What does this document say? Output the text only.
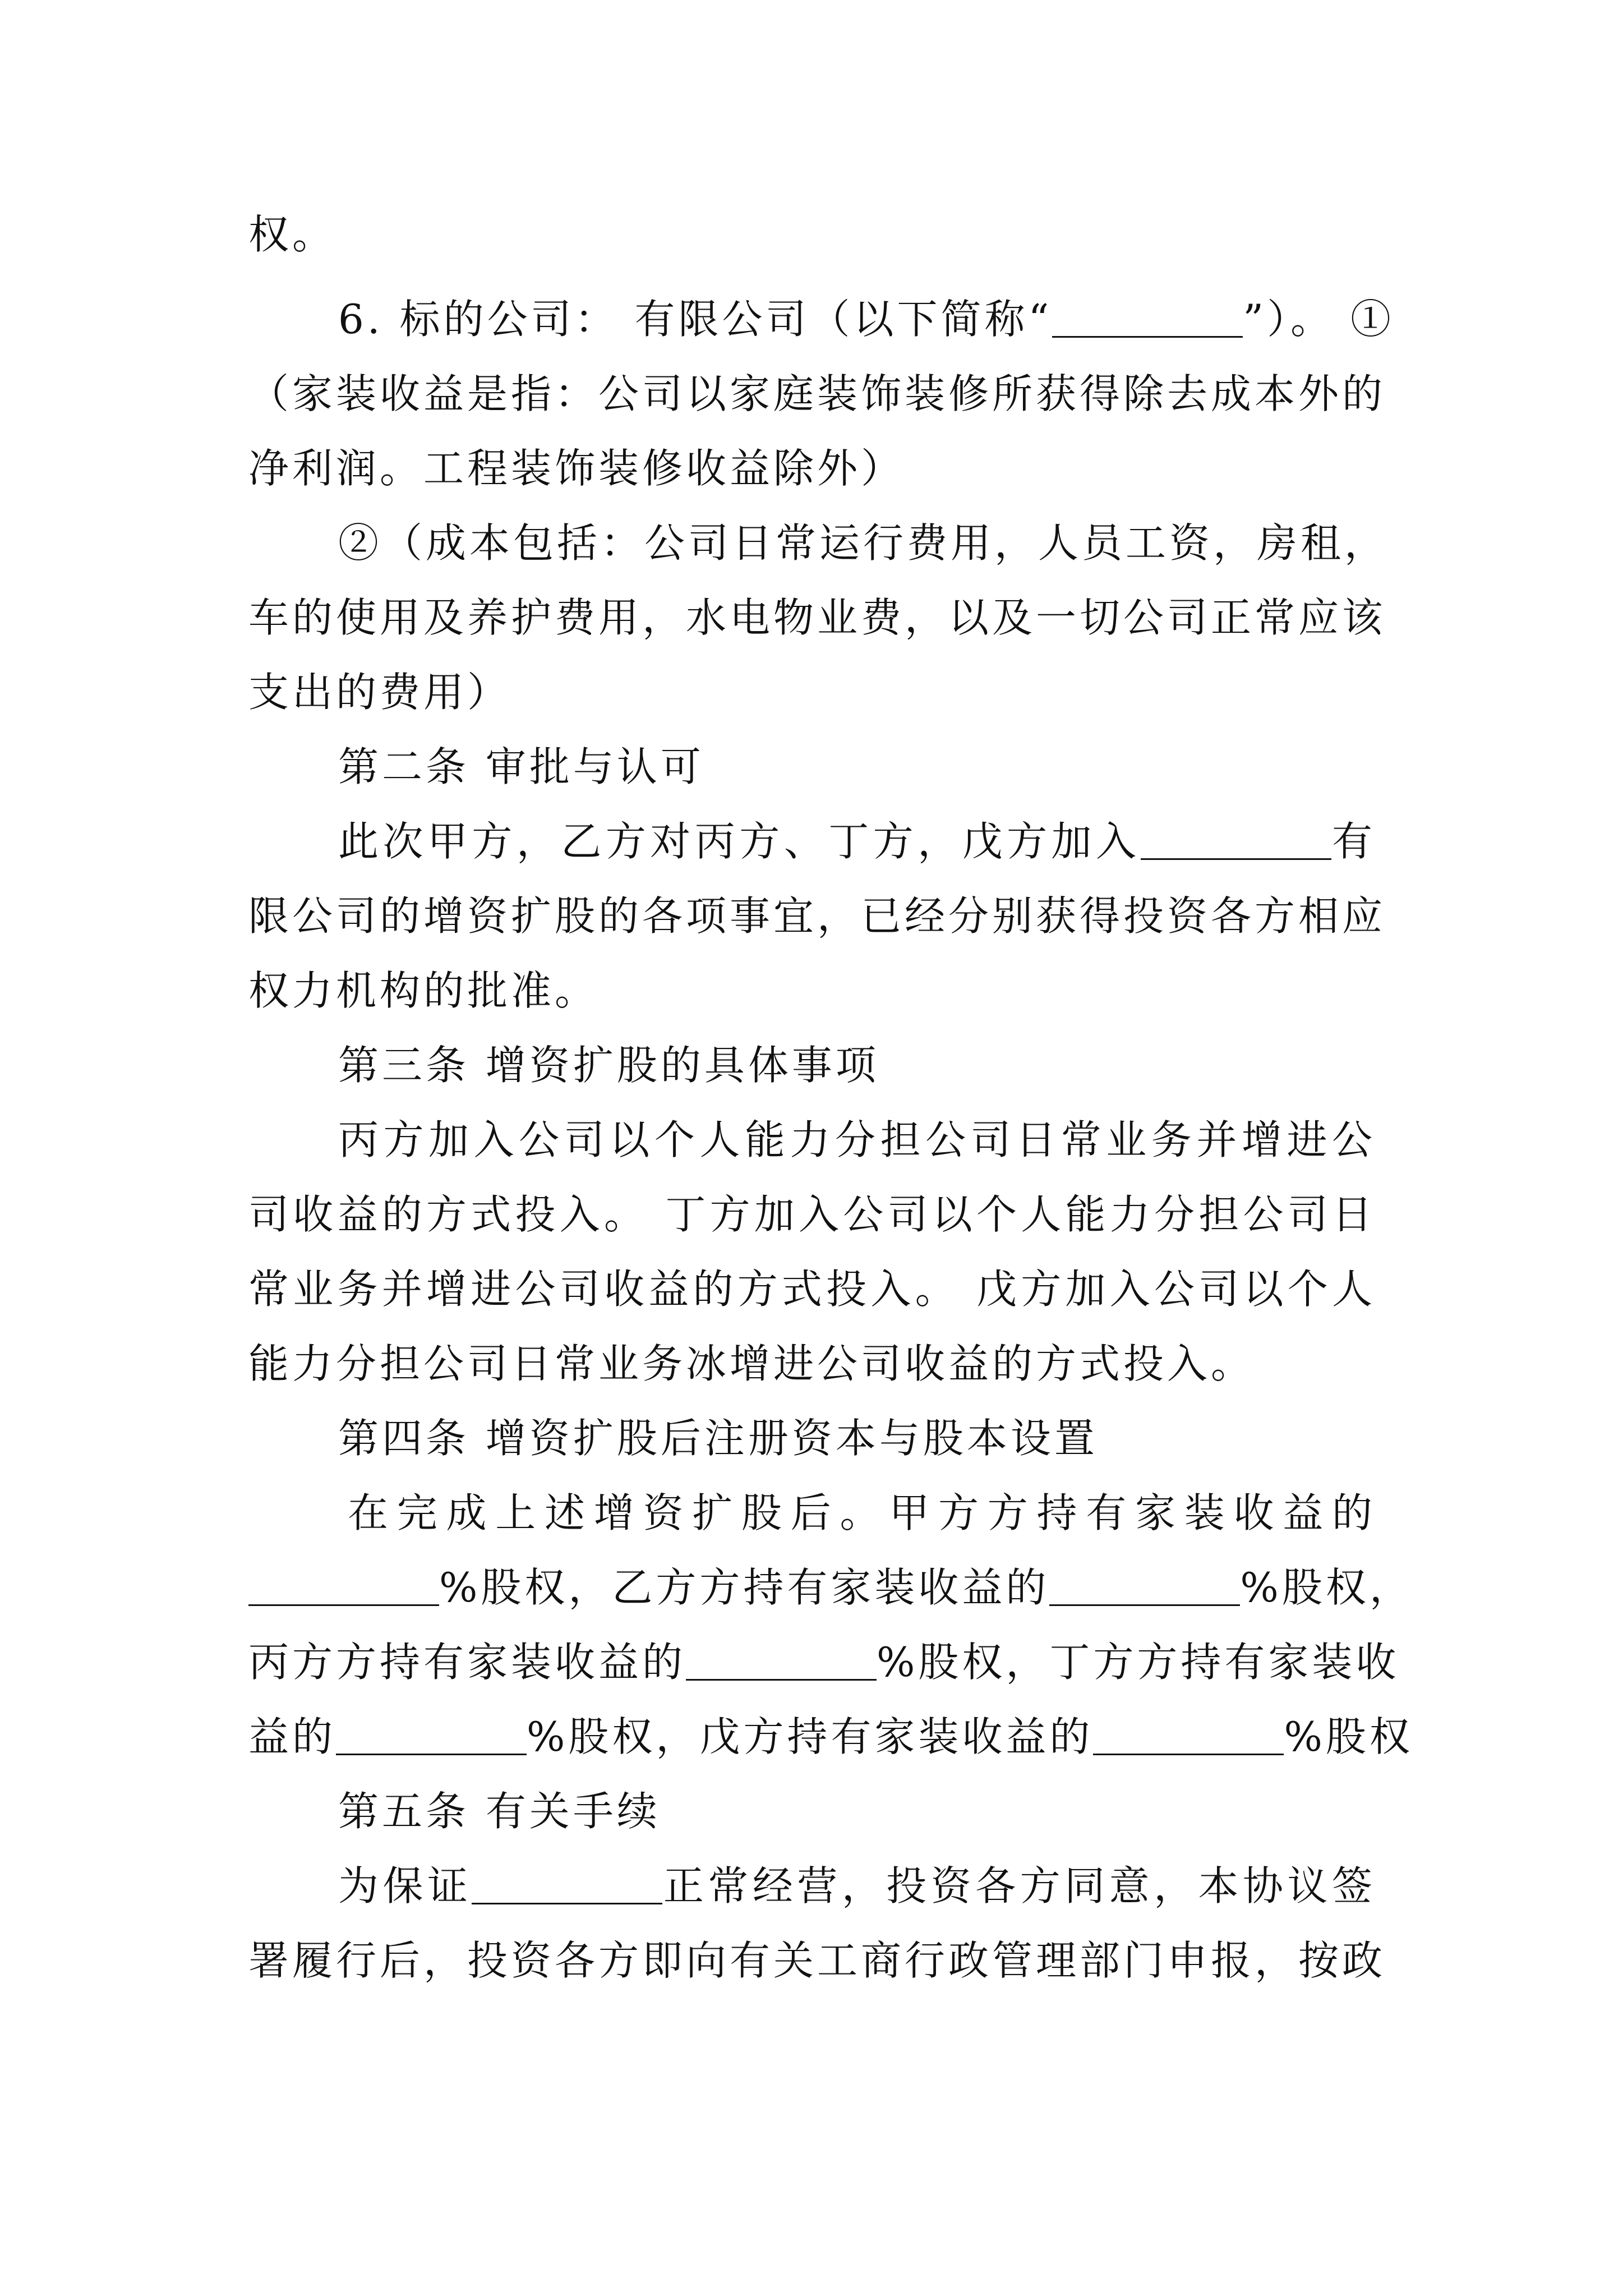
权。
6. 标的公司： 有限公司（以下简称“	”）。 ①
（家装收益是指：公司以家庭装饰装修所获得除去成本外的
净利润。工程装饰装修收益除外）
②（成本包括：公司日常运行费用，人员工资，房租，
车的使用及养护费用，水电物业费，以及一切公司正常应该
支出的费用）
第二条 审批与认可
此次甲方，乙方对丙方、丁方，戊方加入	有
限公司的增资扩股的各项事宜，已经分别获得投资各方相应
权力机构的批准。
第三条 增资扩股的具体事项
丙方加入公司以个人能力分担公司日常业务并增进公
司收益的方式投入。 丁方加入公司以个人能力分担公司日
常业务并增进公司收益的方式投入。 戊方加入公司以个人
能力分担公司日常业务冰增进公司收益的方式投入。
第四条 增资扩股后注册资本与股本设置
在完成上述增资扩股后。甲方方持有家装收益的
%股权，乙方方持有家装收益的	%股权，
丙方方持有家装收益的	%股权，丁方方持有家装收
益的	%股权，戊方持有家装收益的	%股权
第五条 有关手续
为保证	正常经营，投资各方同意，本协议签
署履行后，投资各方即向有关工商行政管理部门申报，按政
